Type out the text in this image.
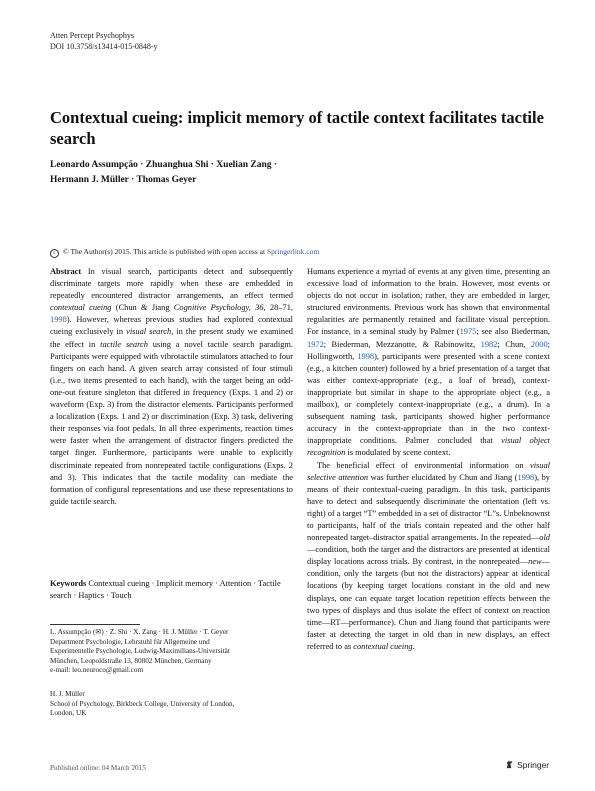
Atten Percept Psychophys
DOI 10.3758/s13414-015-0848-y
Contextual cueing: implicit memory of tactile context facilitates tactile search
Leonardo Assumpção · Zhuanghua Shi · Xuelian Zang ·
Hermann J. Müller · Thomas Geyer
c © The Author(s) 2015. This article is published with open access at Springerlink.com
Abstract In visual search, participants detect and subsequently discriminate targets more rapidly when these are embedded in repeatedly encountered distractor arrangements, an effect termed contextual cueing (Chun & Jiang Cognitive Psychology, 36, 28–71, 1998). However, whereas previous studies had explored contextual cueing exclusively in visual search, in the present study we examined the effect in tactile search using a novel tactile search paradigm. Participants were equipped with vibrotactile stimulators attached to four fingers on each hand. A given search array consisted of four stimuli (i.e., two items presented to each hand), with the target being an odd-one-out feature singleton that differed in frequency (Exps. 1 and 2) or waveform (Exp. 3) from the distractor elements. Participants performed a localization (Exps. 1 and 2) or discrimination (Exp. 3) task, delivering their responses via foot pedals. In all three experiments, reaction times were faster when the arrangement of distractor fingers predicted the target finger. Furthermore, participants were unable to explicitly discriminate repeated from nonrepeated tactile configurations (Exps. 2 and 3). This indicates that the tactile modality can mediate the formation of configural representations and use these representations to guide tactile search.
Keywords Contextual cueing · Implicit memory · Attention · Tactile search · Haptics · Touch
L. Assumpção (✉) · Z. Shi · X. Zang · H. J. Müller · T. Geyer
Department Psychologie, Lehrstuhl für Allgemeine und
Experimentelle Psychologie, Ludwig-Maximilians-Universität
München, Leopoldstraße 13, 80802 München, Germany
e-mail: leo.neuroco@gmail.com
H. J. Müller
School of Psychology, Birkbeck College, University of London,
London, UK

Humans experience a myriad of events at any given time, presenting an excessive load of information to the brain. However, most events or objects do not occur in isolation; rather, they are embedded in larger, structured environments. Previous work has shown that environmental regularities are permanently retained and facilitate visual perception. For instance, in a seminal study by Palmer (1975; see also Biederman, 1972; Biederman, Mezzanotte, & Rabinowitz, 1982; Chun, 2000; Hollingworth, 1998), participants were presented with a scene context (e.g., a kitchen counter) followed by a brief presentation of a target that was either context-appropriate (e.g., a loaf of bread), context-inappropriate but similar in shape to the appropriate object (e.g., a mailbox), or completely context-inappropriate (e.g., a drum). In a subsequent naming task, participants showed higher performance accuracy in the context-appropriate than in the two context-inappropriate conditions. Palmer concluded that visual object recognition is modulated by scene context.

The beneficial effect of environmental information on visual selective attention was further elucidated by Chun and Jiang (1998), by means of their contextual-cueing paradigm. In this task, participants have to detect and subsequently discriminate the orientation (left vs. right) of a target “T” embedded in a set of distractor “L”s. Unbeknownst to participants, half of the trials contain repeated and the other half nonrepeated target–distractor spatial arrangements. In the repeated—old—condition, both the target and the distractors are presented at identical display locations across trials. By contrast, in the nonrepeated—new—condition, only the targets (but not the distractors) appear at identical locations (by keeping target locations constant in the old and new displays, one can equate target location repetition effects between the two types of displays and thus isolate the effect of context on reaction time—RT—performance). Chun and Jiang found that participants were faster at detecting the target in old than in new displays, an effect referred to as contextual cueing.

Published online: 04 March 2015	Springer
